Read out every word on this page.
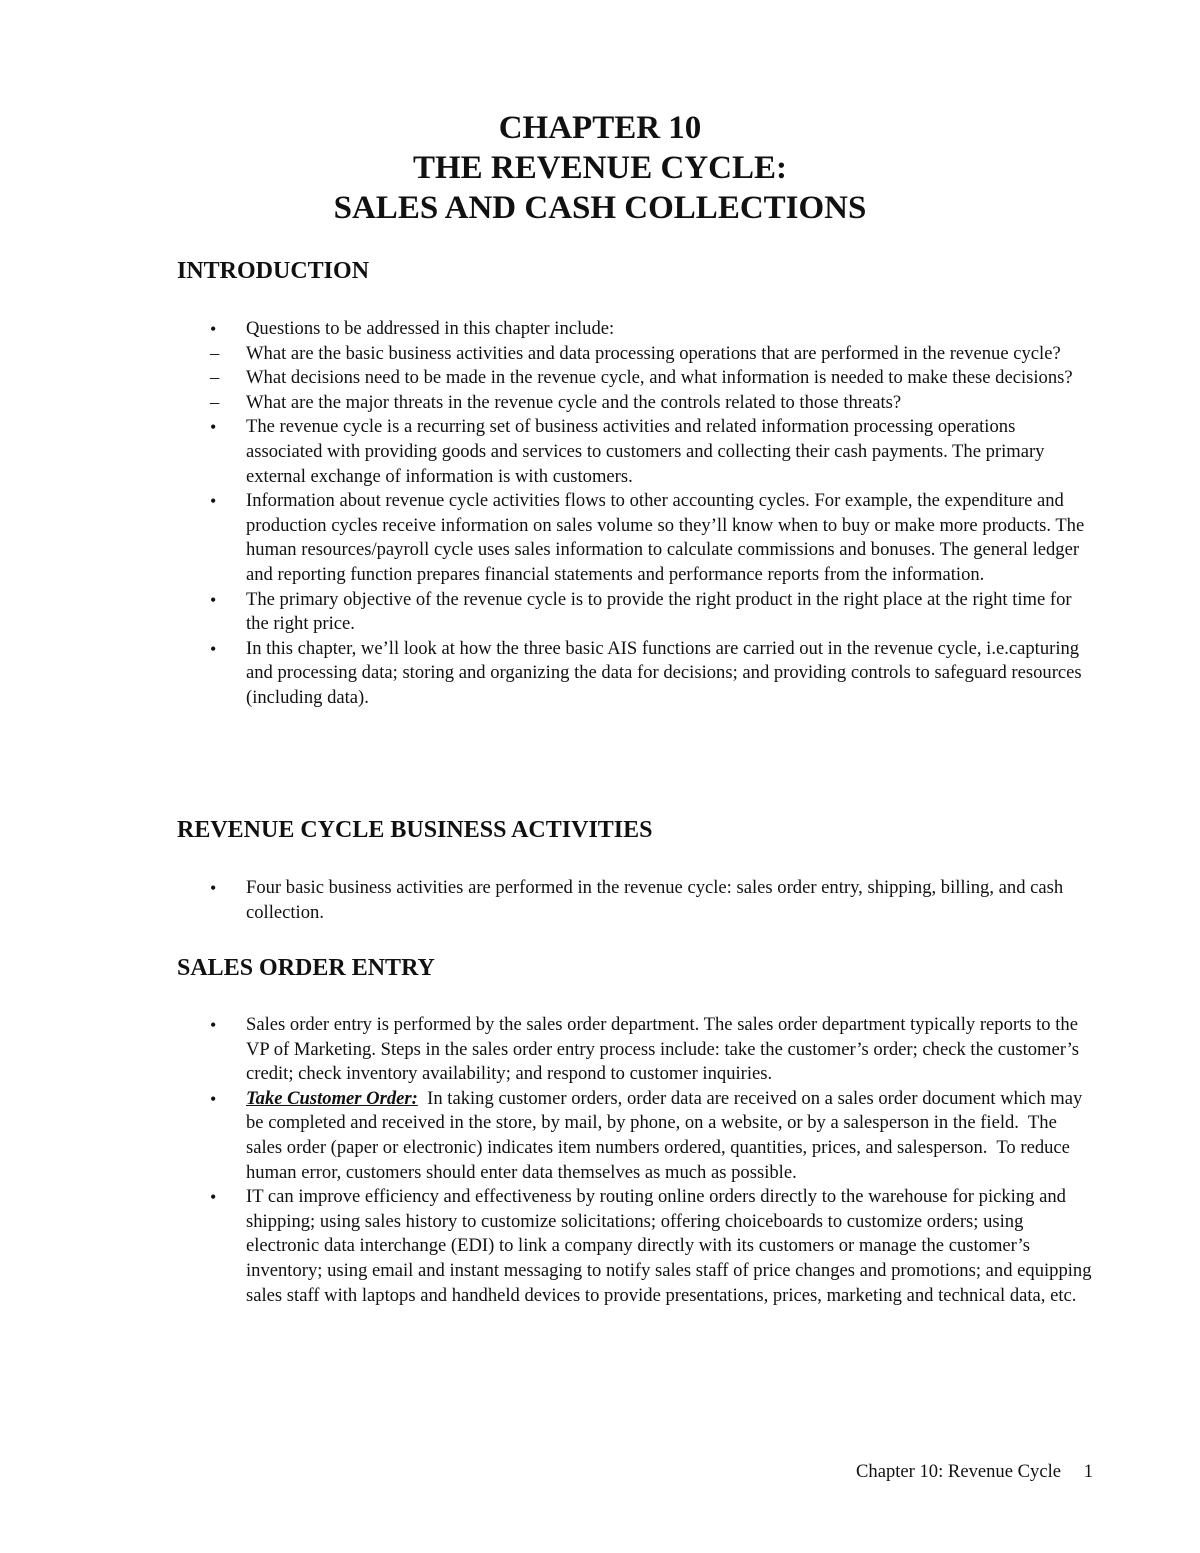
CHAPTER 10
THE REVENUE CYCLE:
SALES AND CASH COLLECTIONS
INTRODUCTION
• Questions to be addressed in this chapter include:
– What are the basic business activities and data processing operations that are performed in the revenue cycle?
– What decisions need to be made in the revenue cycle, and what information is needed to make these decisions?
– What are the major threats in the revenue cycle and the controls related to those threats?
• The revenue cycle is a recurring set of business activities and related information processing operations associated with providing goods and services to customers and collecting their cash payments. The primary external exchange of information is with customers.
• Information about revenue cycle activities flows to other accounting cycles. For example, the expenditure and production cycles receive information on sales volume so they’ll know when to buy or make more products. The human resources/payroll cycle uses sales information to calculate commissions and bonuses. The general ledger and reporting function prepares financial statements and performance reports from the information.
• The primary objective of the revenue cycle is to provide the right product in the right place at the right time for the right price.
• In this chapter, we’ll look at how the three basic AIS functions are carried out in the revenue cycle, i.e.capturing and processing data; storing and organizing the data for decisions; and providing controls to safeguard resources (including data).
REVENUE CYCLE BUSINESS ACTIVITIES
• Four basic business activities are performed in the revenue cycle: sales order entry, shipping, billing, and cash collection.
SALES ORDER ENTRY
• Sales order entry is performed by the sales order department. The sales order department typically reports to the VP of Marketing. Steps in the sales order entry process include: take the customer’s order; check the customer’s credit; check inventory availability; and respond to customer inquiries.
• Take Customer Order:  In taking customer orders, order data are received on a sales order document which may be completed and received in the store, by mail, by phone, on a website, or by a salesperson in the field.  The sales order (paper or electronic) indicates item numbers ordered, quantities, prices, and salesperson.  To reduce human error, customers should enter data themselves as much as possible.
• IT can improve efficiency and effectiveness by routing online orders directly to the warehouse for picking and shipping; using sales history to customize solicitations; offering choiceboards to customize orders; using electronic data interchange (EDI) to link a company directly with its customers or manage the customer’s inventory; using email and instant messaging to notify sales staff of price changes and promotions; and equipping sales staff with laptops and handheld devices to provide presentations, prices, marketing and technical data, etc.
Chapter 10: Revenue Cycle 1
